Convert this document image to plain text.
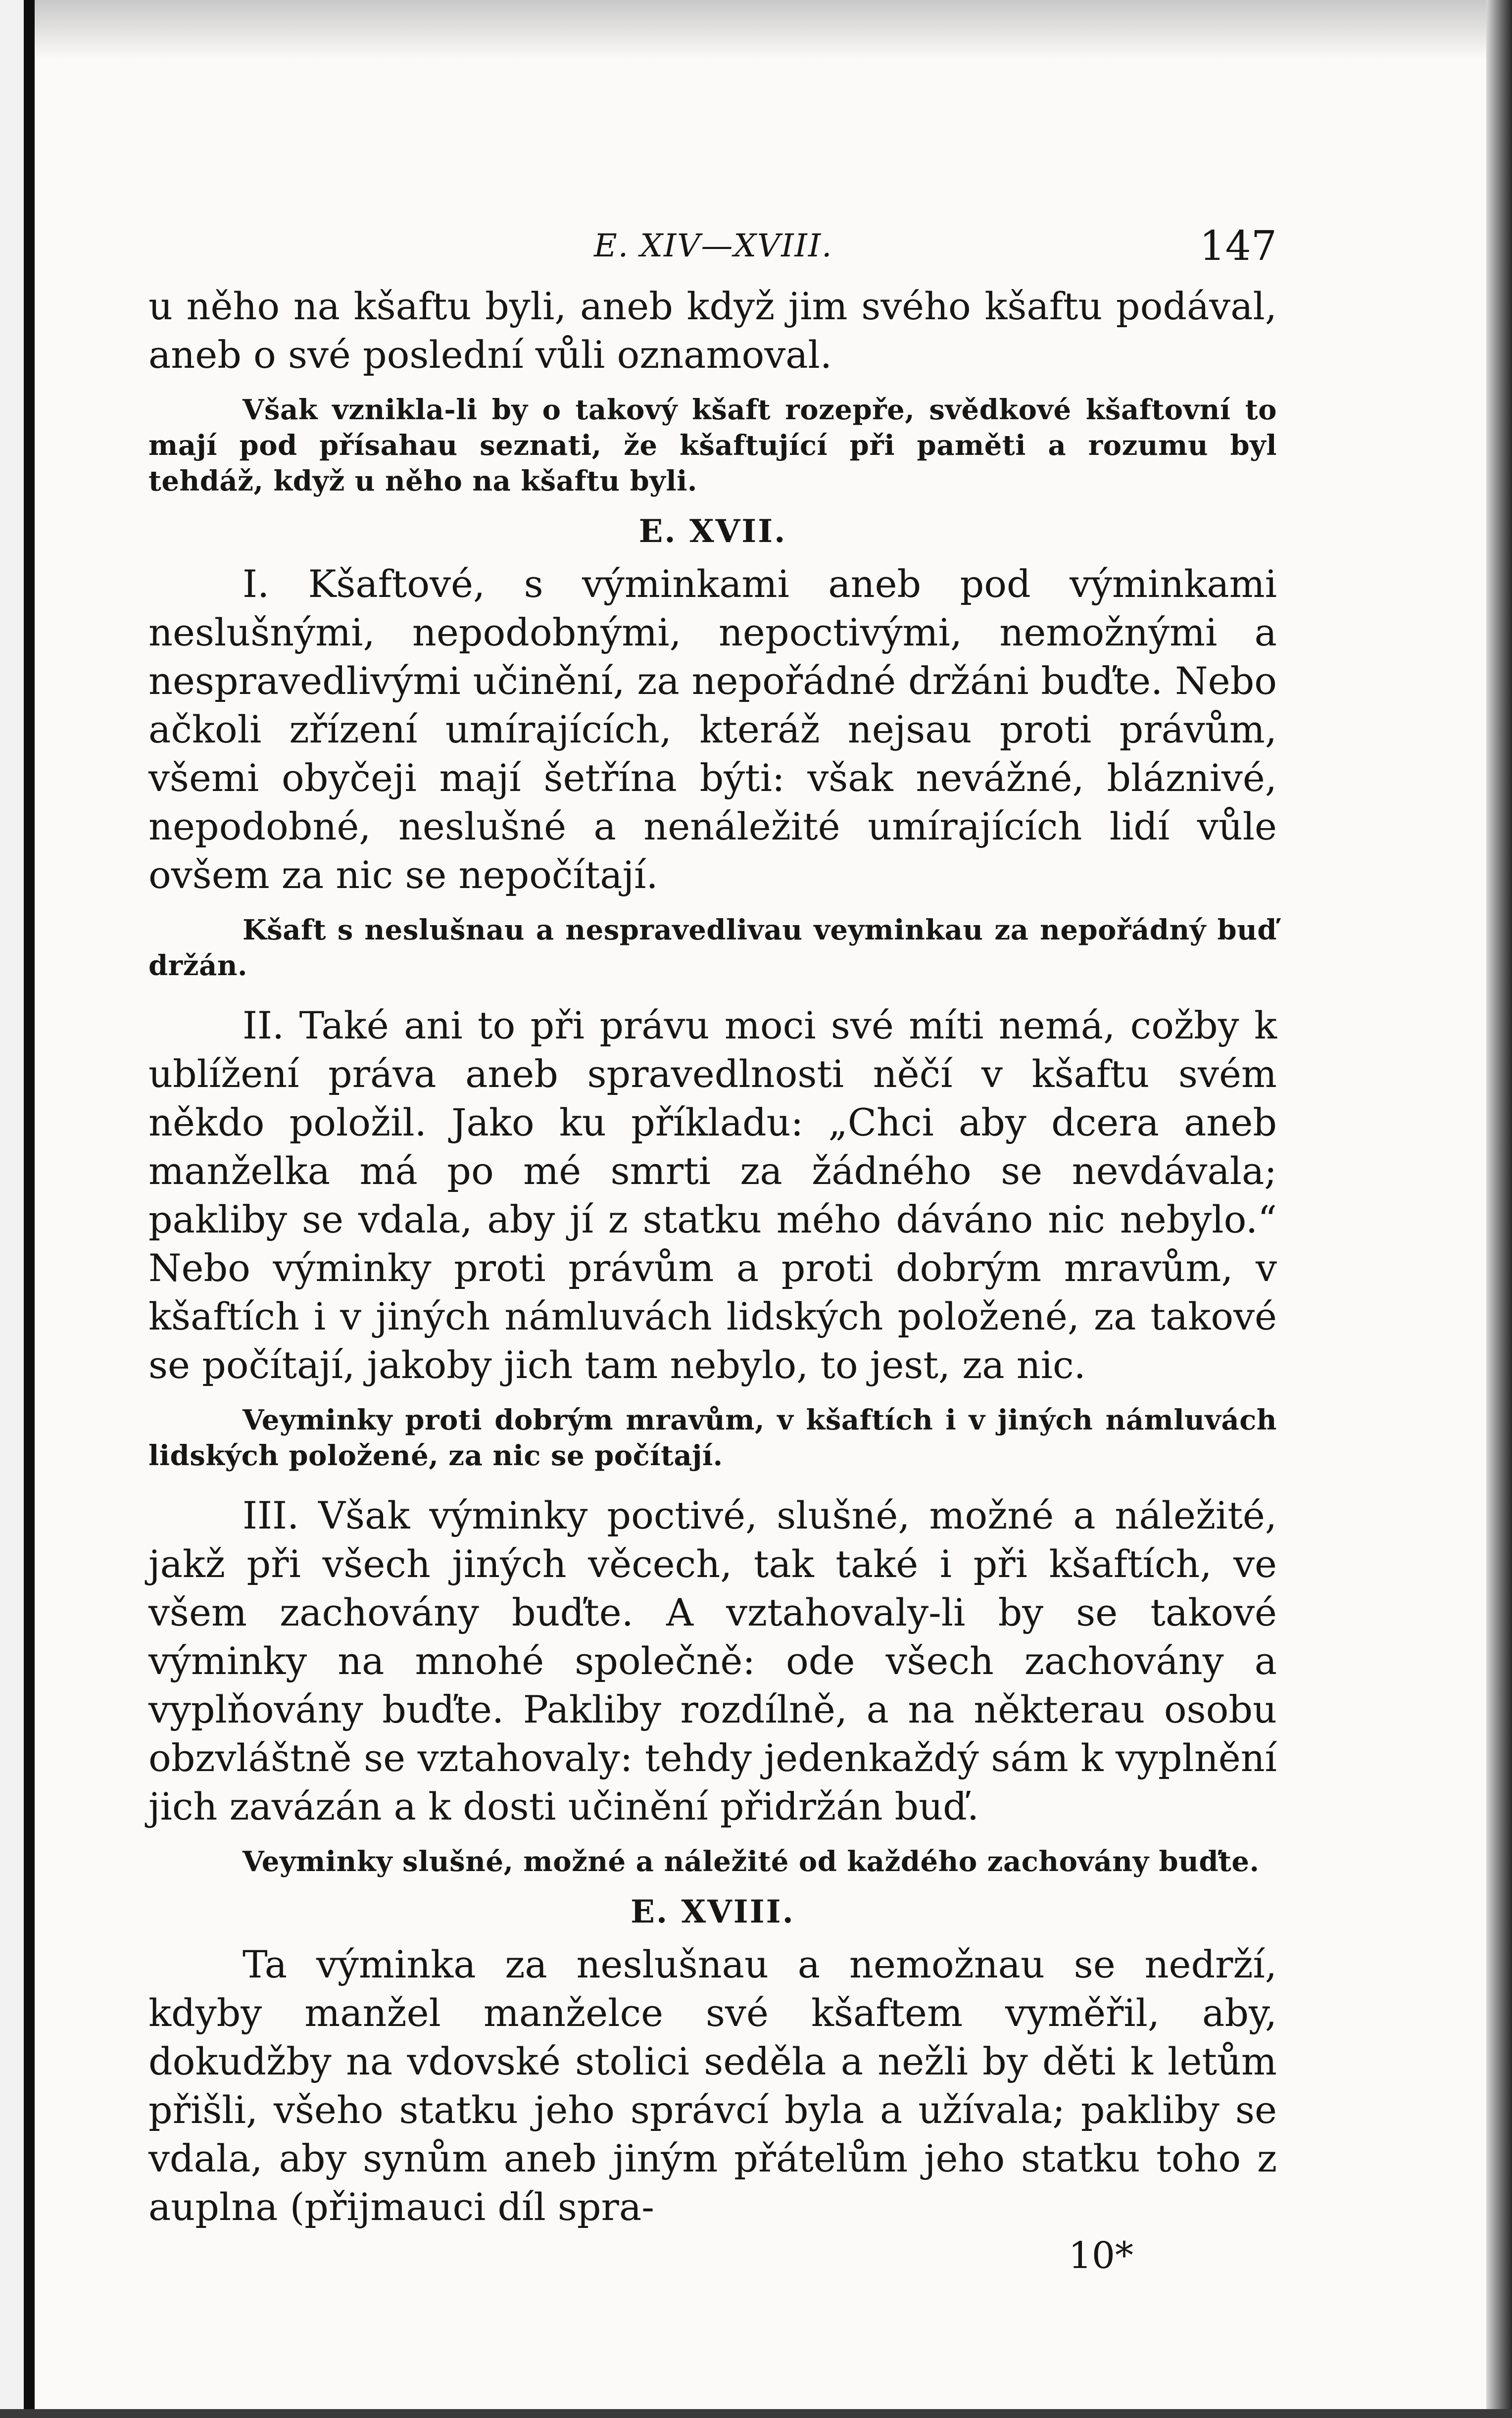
E. XIV—XVIII.	147

u něho na kšaftu byli, aneb když jim svého kšaftu podával, aneb o své poslední vůli oznamoval.

Však vznikla-li by o takový kšaft rozepře, svědkové kšaftovní to mají pod přísahau seznati, že kšaftující při paměti a rozumu byl tehdáž, když u něho na kšaftu byli.

E. XVII.

I. Kšaftové, s výminkami aneb pod výminkami neslušnými, nepodobnými, nepoctivými, nemožnými a nespravedlivými učinění, za nepořádné držáni buďte. Nebo ačkoli zřízení umírajících, kteráž nejsau proti právům, všemi obyčeji mají šetřína býti: však nevážné, bláznivé, nepodobné, neslušné a nenáležité umírajících lidí vůle ovšem za nic se nepočítají.

Kšaft s neslušnau a nespravedlivau veyminkau za nepořádný buď držán.

II. Také ani to při právu moci své míti nemá, cožby k ublížení práva aneb spravedlnosti něčí v kšaftu svém někdo položil. Jako ku příkladu: „Chci aby dcera aneb manželka má po mé smrti za žádného se nevdávala; pakliby se vdala, aby jí z statku mého dáváno nic nebylo.“ Nebo výminky proti právům a proti dobrým mravům, v kšaftích i v jiných námluvách lidských položené, za takové se počítají, jakoby jich tam nebylo, to jest, za nic.

Veyminky proti dobrým mravům, v kšaftích i v jiných námluvách lidských položené, za nic se počítají.

III. Však výminky poctivé, slušné, možné a náležité, jakž při všech jiných věcech, tak také i při kšaftích, ve všem zachovány buďte. A vztahovaly-li by se takové výminky na mnohé společně: ode všech zachovány a vyplňovány buďte. Pakliby rozdílně, a na některau osobu obzvláštně se vztahovaly: tehdy jedenkaždý sám k vyplnění jich zavázán a k dosti učinění přidržán buď.

Veyminky slušné, možné a náležité od každého zachovány buďte.

E. XVIII.

Ta výminka za neslušnau a nemožnau se nedrží, kdyby manžel manželce své kšaftem vyměřil, aby, dokudžby na vdovské stolici seděla a nežli by děti k letům přišli, všeho statku jeho správcí byla a užívala; pakliby se vdala, aby synům aneb jiným přátelům jeho statku toho z auplna (přijmauci díl spra-

10*
